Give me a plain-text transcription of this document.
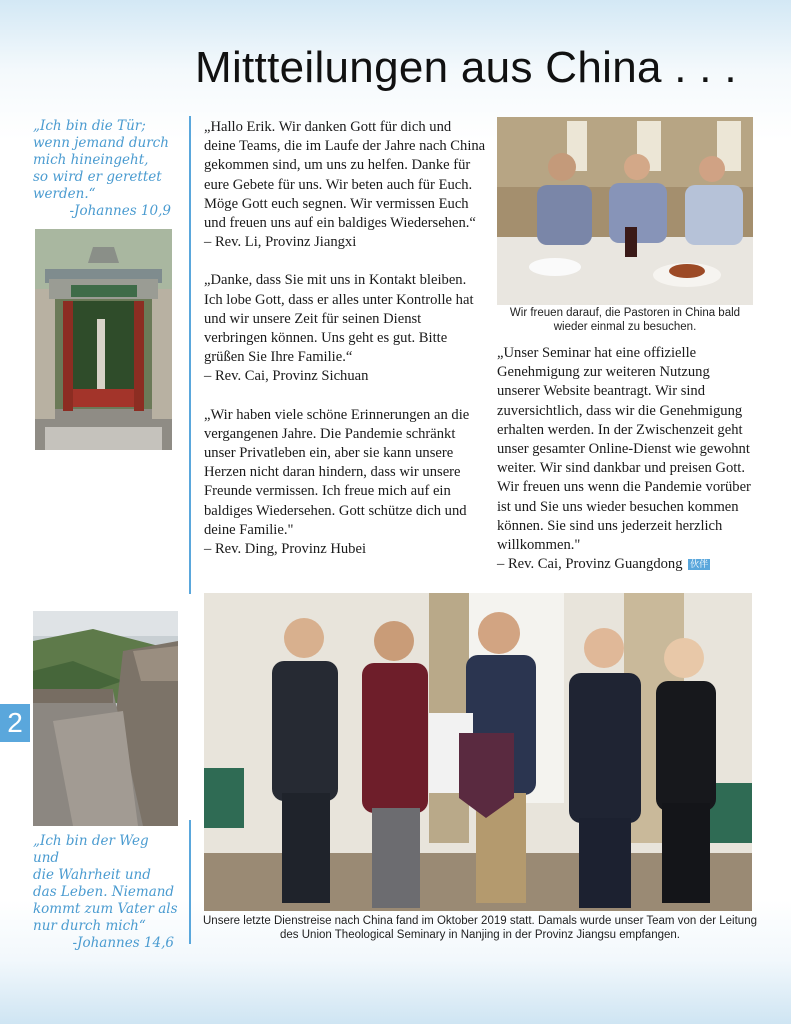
Mittteilungen aus China . . .
„Ich bin die Tür;
wenn jemand durch
mich hineingeht,
so wird er gerettet
werden.“
-Johannes 10,9
2
„Ich bin der Weg und
die Wahrheit und
das Leben. Niemand
kommt zum Vater als
nur durch mich“
-Johannes 14,6

„Hallo Erik. Wir danken Gott für dich und deine Teams, die im Laufe der Jahre nach China gekommen sind, um uns zu helfen. Danke für eure Gebete für uns. Wir beten auch für Euch. Möge Gott euch segnen. Wir vermissen Euch und freuen uns auf ein baldiges Wiedersehen.“
– Rev. Li, Provinz Jiangxi

„Danke, dass Sie mit uns in Kontakt bleiben. Ich lobe Gott, dass er alles unter Kontrolle hat und wir unsere Zeit für seinen Dienst verbringen können. Uns geht es gut. Bitte grüßen Sie Ihre Familie.“
– Rev. Cai, Provinz Sichuan

„Wir haben viele schöne Erinnerungen an die vergangenen Jahre. Die Pandemie schränkt unser Privatleben ein, aber sie kann unsere Herzen nicht daran hindern, dass wir unsere Freunde vermissen. Ich freue mich auf ein baldiges Wiedersehen. Gott schütze dich und deine Familie."
– Rev. Ding, Provinz Hubei

Wir freuen darauf, die Pastoren in China bald wieder einmal zu besuchen.

„Unser Seminar hat eine offizielle Genehmigung zur weiteren Nutzung unserer Website beantragt. Wir sind zuversichtlich, dass wir die Genehmigung erhalten werden. In der Zwischenzeit geht unser gesamter Online-Dienst wie gewohnt weiter. Wir sind dankbar und preisen Gott. Wir freuen uns wenn die Pandemie vorüber ist und Sie uns wieder besuchen kommen können. Sie sind uns jederzeit herzlich willkommen."
– Rev. Cai, Provinz Guangdong 伙伴

Unsere letzte Dienstreise nach China fand im Oktober 2019 statt. Damals wurde unser Team von der Leitung des Union Theological Seminary in Nanjing in der Provinz Jiangsu empfangen.
